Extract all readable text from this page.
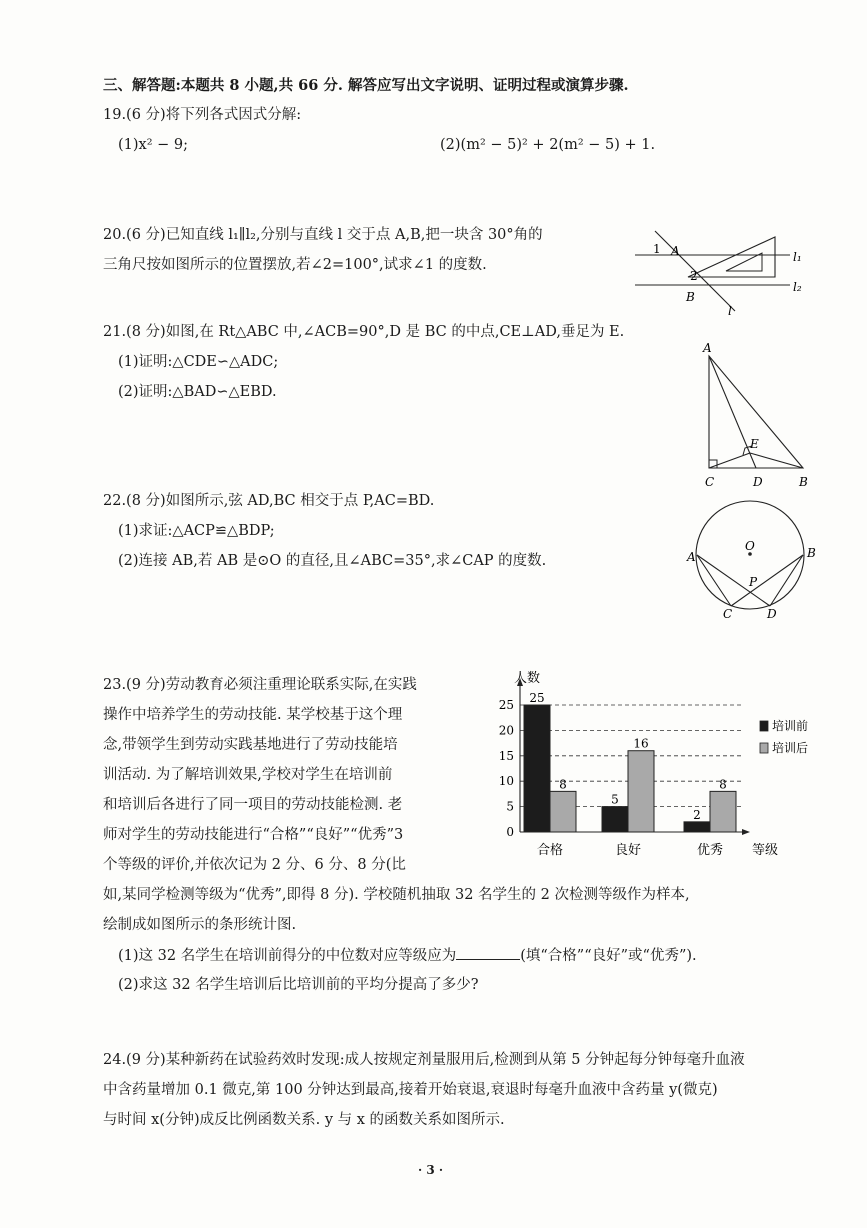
三、解答题:本题共 8 小题,共 66 分. 解答应写出文字说明、证明过程或演算步骤.
19.(6 分)将下列各式因式分解:
(1)x² − 9;	(2)(m² − 5)² + 2(m² − 5) + 1.
20.(6 分)已知直线 l₁∥l₂,分别与直线 l 交于点 A,B,把一块含 30°角的
三角尺按如图所示的位置摆放,若∠2=100°,试求∠1 的度数.
1 A
2
B
l₁
l₂
l
21.(8 分)如图,在 Rt△ABC 中,∠ACB=90°,D 是 BC 的中点,CE⊥AD,垂足为 E.
(1)证明:△CDE∽△ADC;
(2)证明:△BAD∽△EBD.
A
E
C	D	B
22.(8 分)如图所示,弦 AD,BC 相交于点 P,AC=BD.
(1)求证:△ACP≌△BDP;
(2)连接 AB,若 AB 是⊙O 的直径,且∠ABC=35°,求∠CAP 的度数.
O
A	B
P
C	D
23.(9 分)劳动教育必须注重理论联系实际,在实践
操作中培养学生的劳动技能. 某学校基于这个理
念,带领学生到劳动实践基地进行了劳动技能培
训活动. 为了解培训效果,学校对学生在培训前
和培训后各进行了同一项目的劳动技能检测. 老
师对学生的劳动技能进行“合格”“良好”“优秀”3
个等级的评价,并依次记为 2 分、6 分、8 分(比
如,某同学检测等级为“优秀”,即得 8 分). 学校随机抽取 32 名学生的 2 次检测等级作为样本,
绘制成如图所示的条形统计图.
(1)这 32 名学生在培训前得分的中位数对应等级应为	(填“合格”“良好”或“优秀”).
(2)求这 32 名学生培训后比培训前的平均分提高了多少?
人数
等级
0
5
10
15
20
25 25
8
合格
5
16
良好
2
8
优秀
培训前
培训后
24.(9 分)某种新药在试验药效时发现:成人按规定剂量服用后,检测到从第 5 分钟起每分钟每毫升血液
中含药量增加 0.1 微克,第 100 分钟达到最高,接着开始衰退,衰退时每毫升血液中含药量 y(微克)
与时间 x(分钟)成反比例函数关系. y 与 x 的函数关系如图所示.
· 3 ·
